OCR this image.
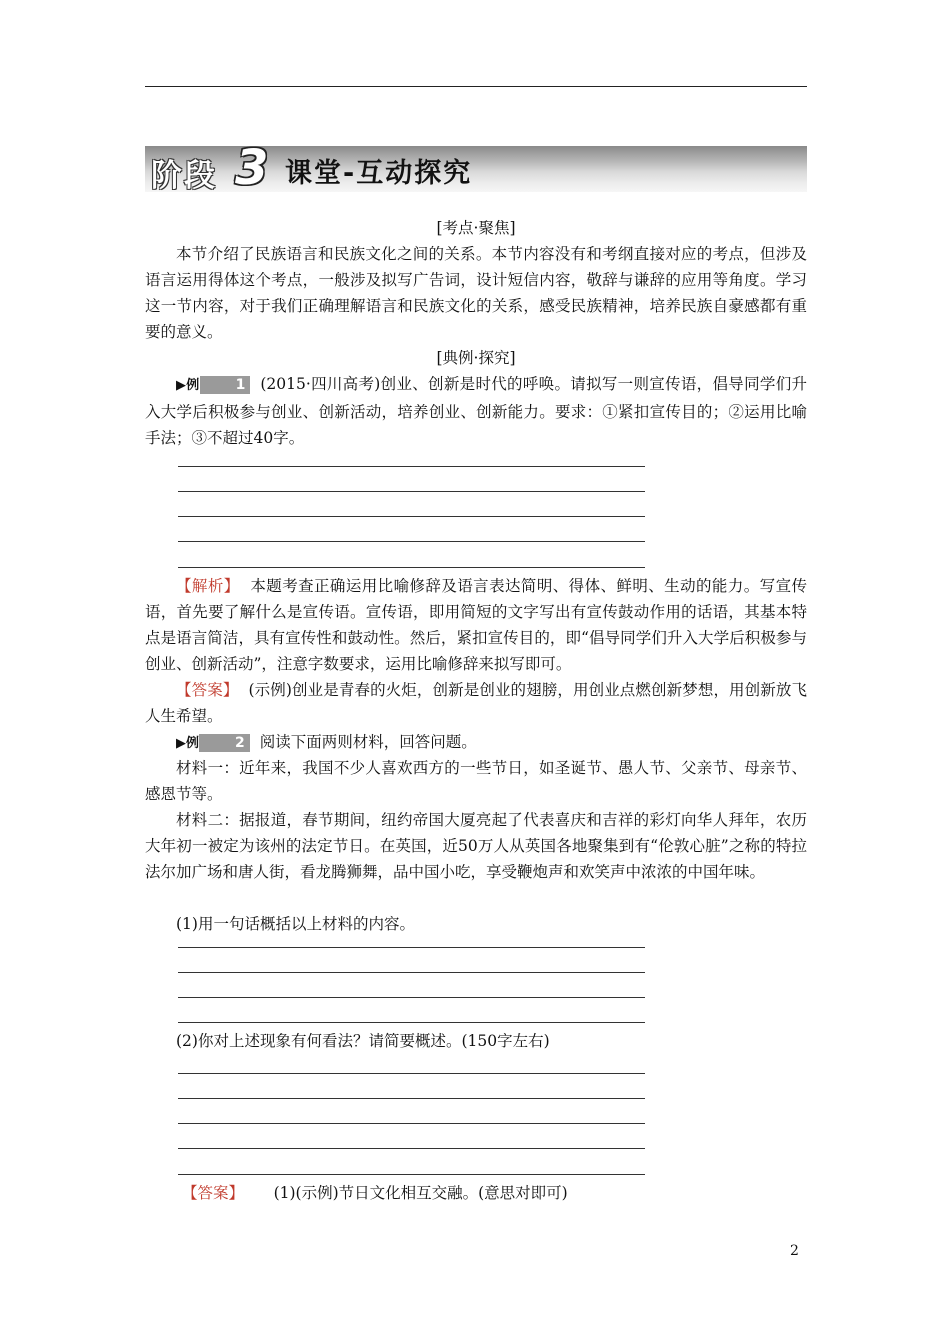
阶段 3 课堂-互动探究
[考点·聚焦]
本节介绍了民族语言和民族文化之间的关系。本节内容没有和考纲直接对应的考点，但涉及语言运用得体这个考点，一般涉及拟写广告词，设计短信内容，敬辞与谦辞的应用等角度。学习这一节内容，对于我们正确理解语言和民族文化的关系，感受民族精神，培养民族自豪感都有重要的意义。
[典例·探究]
▶例	1 (2015·四川高考)创业、创新是时代的呼唤。请拟写一则宣传语，倡导同学们升入大学后积极参与创业、创新活动，培养创业、创新能力。要求：①紧扣宣传目的；②运用比喻手法；③不超过40字。
【解析】 本题考查正确运用比喻修辞及语言表达简明、得体、鲜明、生动的能力。写宣传语，首先要了解什么是宣传语。宣传语，即用简短的文字写出有宣传鼓动作用的话语，其基本特点是语言简洁，具有宣传性和鼓动性。然后，紧扣宣传目的，即“倡导同学们升入大学后积极参与创业、创新活动”，注意字数要求，运用比喻修辞来拟写即可。
【答案】 (示例)创业是青春的火炬，创新是创业的翅膀，用创业点燃创新梦想，用创新放飞人生希望。
▶例	2 阅读下面两则材料，回答问题。
材料一：近年来，我国不少人喜欢西方的一些节日，如圣诞节、愚人节、父亲节、母亲节、感恩节等。
材料二：据报道，春节期间，纽约帝国大厦亮起了代表喜庆和吉祥的彩灯向华人拜年，农历大年初一被定为该州的法定节日。在英国，近50万人从英国各地聚集到有“伦敦心脏”之称的特拉法尔加广场和唐人街，看龙腾狮舞，品中国小吃，享受鞭炮声和欢笑声中浓浓的中国年味。
(1)用一句话概括以上材料的内容。
(2)你对上述现象有何看法？请简要概述。(150字左右)
【答案】 (1)(示例)节日文化相互交融。(意思对即可)
2
